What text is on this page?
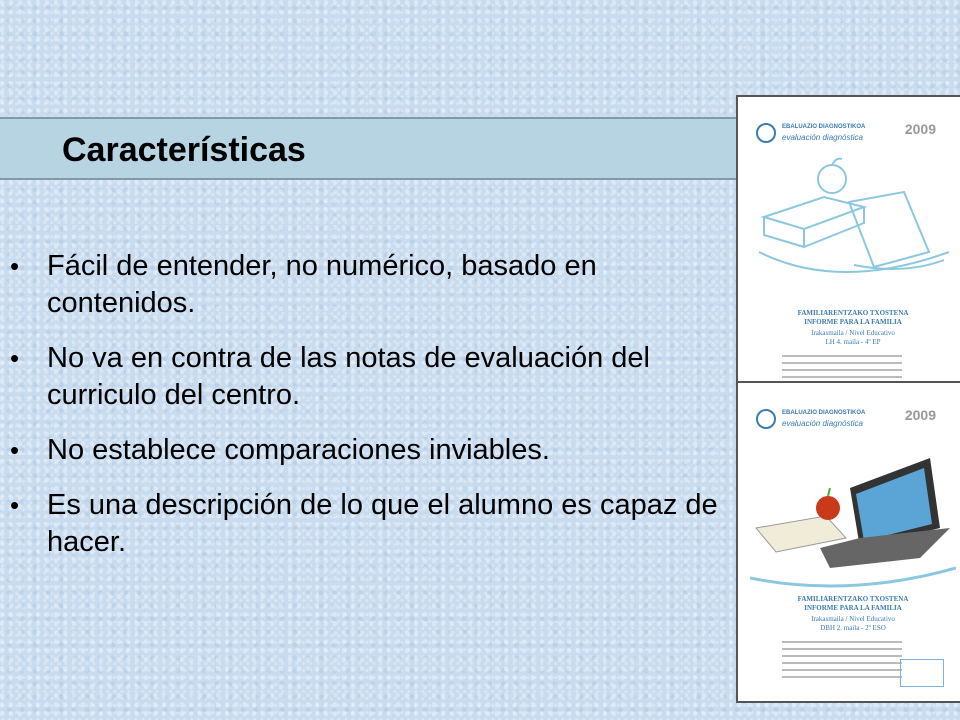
Características
• Fácil de entender, no numérico, basado en contenidos.
• No va en contra de las notas de evaluación del curriculo del centro.
• No establece comparaciones inviables.
• Es una descripción de lo que el alumno es capaz de hacer.
EBALUAZIO DIAGNOSTIKOA
evaluación diagnóstica
2009
FAMILIARENTZAKO TXOSTENA
INFORME PARA LA FAMILIA
Irakasmaila / Nivel Educativo
LH 4. maila - 4º EP
EBALUAZIO DIAGNOSTIKOA
evaluación diagnóstica
2009
FAMILIARENTZAKO TXOSTENA
INFORME PARA LA FAMILIA
Irakasmaila / Nivel Educativo
DBH 2. maila - 2º ESO
